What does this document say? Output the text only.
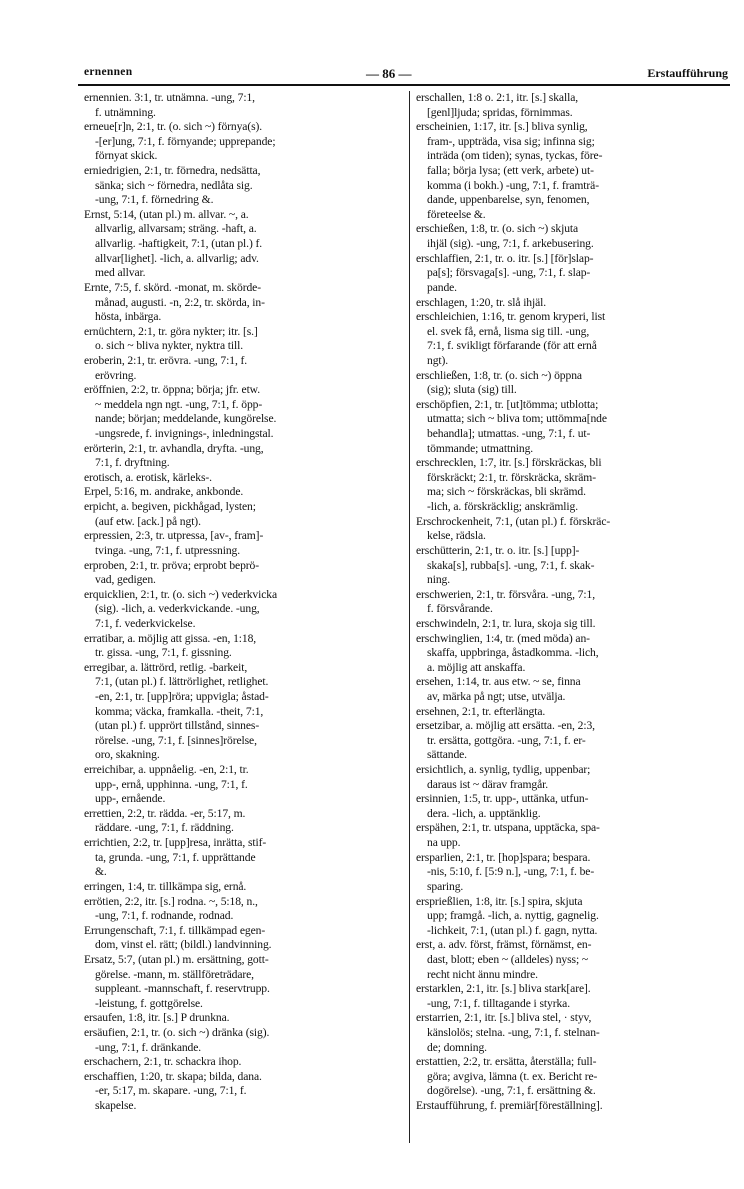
ernennen	— 86 —	Erstaufführung
ernennien. 3:1, tr. utnämna. -ung, 7:1,
f. utnämning.
erneue[r]n, 2:1, tr. (o. sich ~) förnya(s).
-[er]ung, 7:1, f. förnyande; upprepande;
förnyat skick.
erniedrigien, 2:1, tr. förnedra, nedsätta,
sänka; sich ~ förnedra, nedlåta sig.
-ung, 7:1, f. förnedring &.
Ernst, 5:14, (utan pl.) m. allvar. ~, a.
allvarlig, allvarsam; sträng. -haft, a.
allvarlig. -haftigkeit, 7:1, (utan pl.) f.
allvar[lighet]. -lich, a. allvarlig; adv.
med allvar.
Ernte, 7:5, f. skörd. -monat, m. skörde-
månad, augusti. -n, 2:2, tr. skörda, in-
hösta, inbärga.
ernüchtern, 2:1, tr. göra nykter; itr. [s.]
o. sich ~ bliva nykter, nyktra till.
eroberin, 2:1, tr. erövra. -ung, 7:1, f.
erövring.
eröffnien, 2:2, tr. öppna; börja; jfr. etw.
~ meddela ngn ngt. -ung, 7:1, f. öpp-
nande; början; meddelande, kungörelse.
-ungsrede, f. invignings-, inledningstal.
erörterin, 2:1, tr. avhandla, dryfta. -ung,
7:1, f. dryftning.
erotisch, a. erotisk, kärleks-.
Erpel, 5:16, m. andrake, ankbonde.
erpicht, a. begiven, pickhågad, lysten;
(auf etw. [ack.] på ngt).
erpressien, 2:3, tr. utpressa, [av-, fram]-
tvinga. -ung, 7:1, f. utpressning.
erproben, 2:1, tr. pröva; erprobt beprö-
vad, gedigen.
erquicklien, 2:1, tr. (o. sich ~) vederkvicka
(sig). -lich, a. vederkvickande. -ung,
7:1, f. vederkvickelse.
erratibar, a. möjlig att gissa. -en, 1:18,
tr. gissa. -ung, 7:1, f. gissning.
erregibar, a. lättrörd, retlig. -barkeit,
7:1, (utan pl.) f. lättrörlighet, retlighet.
-en, 2:1, tr. [upp]röra; uppvigla; åstad-
komma; väcka, framkalla. -theit, 7:1,
(utan pl.) f. upprört tillstånd, sinnes-
rörelse. -ung, 7:1, f. [sinnes]rörelse,
oro, skakning.
erreichibar, a. uppnåelig. -en, 2:1, tr.
upp-, ernå, upphinna. -ung, 7:1, f.
upp-, ernående.
errettien, 2:2, tr. rädda. -er, 5:17, m.
räddare. -ung, 7:1, f. räddning.
errichtien, 2:2, tr. [upp]resa, inrätta, stif-
ta, grunda. -ung, 7:1, f. upprättande
&.
erringen, 1:4, tr. tillkämpa sig, ernå.
errötien, 2:2, itr. [s.] rodna. ~, 5:18, n.,
-ung, 7:1, f. rodnande, rodnad.
Errungenschaft, 7:1, f. tillkämpad egen-
dom, vinst el. rätt; (bildl.) landvinning.
Ersatz, 5:7, (utan pl.) m. ersättning, gott-
görelse. -mann, m. ställföreträdare,
suppleant. -mannschaft, f. reservtrupp.
-leistung, f. gottgörelse.
ersaufen, 1:8, itr. [s.] P drunkna.
ersäufien, 2:1, tr. (o. sich ~) dränka (sig).
-ung, 7:1, f. dränkande.
erschachern, 2:1, tr. schackra ihop.
erschaffien, 1:20, tr. skapa; bilda, dana.
-er, 5:17, m. skapare. -ung, 7:1, f.
skapelse.
erschallen, 1:8 o. 2:1, itr. [s.] skalla,
[genl]ljuda; spridas, förnimmas.
erscheinien, 1:17, itr. [s.] bliva synlig,
fram-, uppträda, visa sig; infinna sig;
inträda (om tiden); synas, tyckas, före-
falla; börja lysa; (ett verk, arbete) ut-
komma (i bokh.) -ung, 7:1, f. framträ-
dande, uppenbarelse, syn, fenomen,
företeelse &.
erschießen, 1:8, tr. (o. sich ~) skjuta
ihjäl (sig). -ung, 7:1, f. arkebusering.
erschlaffien, 2:1, tr. o. itr. [s.] [för]slap-
pa[s]; försvaga[s]. -ung, 7:1, f. slap-
pande.
erschlagen, 1:20, tr. slå ihjäl.
erschleichien, 1:16, tr. genom kryperi, list
el. svek få, ernå, lisma sig till. -ung,
7:1, f. svikligt förfarande (för att ernå
ngt).
erschließen, 1:8, tr. (o. sich ~) öppna
(sig); sluta (sig) till.
erschöpfien, 2:1, tr. [ut]tömma; utblotta;
utmatta; sich ~ bliva tom; uttömma[nde
behandla]; utmattas. -ung, 7:1, f. ut-
tömmande; utmattning.
erschrecklen, 1:7, itr. [s.] förskräckas, bli
förskräckt; 2:1, tr. förskräcka, skräm-
ma; sich ~ förskräckas, bli skrämd.
-lich, a. förskräcklig; anskrämlig.
Erschrockenheit, 7:1, (utan pl.) f. förskräc-
kelse, rädsla.
erschütterin, 2:1, tr. o. itr. [s.] [upp]-
skaka[s], rubba[s]. -ung, 7:1, f. skak-
ning.
erschwerien, 2:1, tr. försvåra. -ung, 7:1,
f. försvårande.
erschwindeln, 2:1, tr. lura, skoja sig till.
erschwinglien, 1:4, tr. (med möda) an-
skaffa, uppbringa, åstadkomma. -lich,
a. möjlig att anskaffa.
ersehen, 1:14, tr. aus etw. ~ se, finna
av, märka på ngt; utse, utvälja.
ersehnen, 2:1, tr. efterlängta.
ersetzibar, a. möjlig att ersätta. -en, 2:3,
tr. ersätta, gottgöra. -ung, 7:1, f. er-
sättande.
ersichtlich, a. synlig, tydlig, uppenbar;
daraus ist ~ därav framgår.
ersinnien, 1:5, tr. upp-, uttänka, utfun-
dera. -lich, a. upptänklig.
erspähen, 2:1, tr. utspana, upptäcka, spa-
na upp.
ersparlien, 2:1, tr. [hop]spara; bespara.
-nis, 5:10, f. [5:9 n.], -ung, 7:1, f. be-
sparing.
ersprießlien, 1:8, itr. [s.] spira, skjuta
upp; framgå. -lich, a. nyttig, gagnelig.
-lichkeit, 7:1, (utan pl.) f. gagn, nytta.
erst, a. adv. först, främst, förnämst, en-
dast, blott; eben ~ (alldeles) nyss; ~
recht nicht ännu mindre.
erstarklen, 2:1, itr. [s.] bliva stark[are].
-ung, 7:1, f. tilltagande i styrka.
erstarrien, 2:1, itr. [s.] bliva stel, · styv,
känslolös; stelna. -ung, 7:1, f. stelnan-
de; domning.
erstattien, 2:2, tr. ersätta, återställa; full-
göra; avgiva, lämna (t. ex. Bericht re-
dogörelse). -ung, 7:1, f. ersättning &.
Erstaufführung, f. premiär[föreställning].
